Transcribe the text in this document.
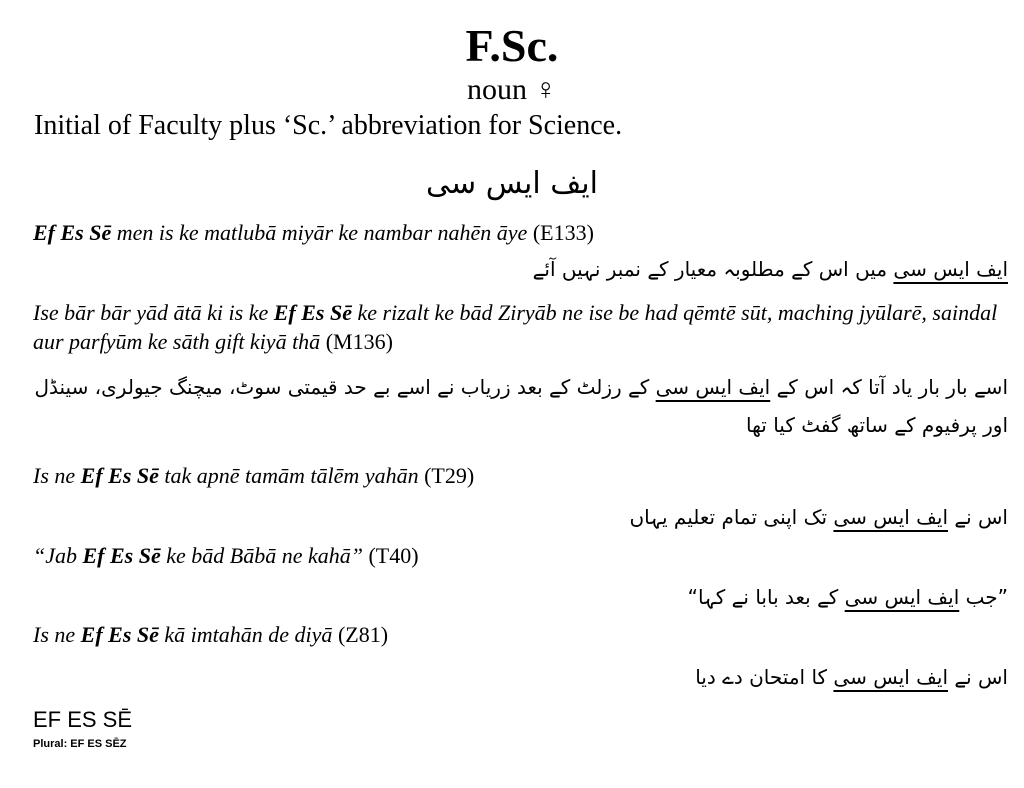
F.Sc.
noun ♀
Initial of Faculty plus ‘Sc.’ abbreviation for Science.
ایف ایس سی
Ef Es Sē men is ke matlubā miyār ke nambar nahēn āye (E133)
ایف ایس سی میں اس کے مطلوبہ معیار کے نمبر نہیں آئے
Ise bār bār yād ātā ki is ke Ef Es Sē ke rizalt ke bād Ziryāb ne ise be had qēmtē sūt, maching jyūlarē, saindal aur parfyūm ke sāth gift kiyā thā (M136)
اسے بار بار یاد آتا کہ اس کے ایف ایس سی کے رزلٹ کے بعد زریاب نے اسے بے حد قیمتی سوٹ، میچنگ جیولری، سینڈل اور پرفیوم کے ساتھ گفٹ کیا تھا
Is ne Ef Es Sē tak apnē tamām tālēm yahān (T29)
اس نے ایف ایس سی تک اپنی تمام تعلیم یہاں
“Jab Ef Es Sē ke bād Bābā ne kahā” (T40)
”جب ایف ایس سی کے بعد بابا نے کہا“
Is ne Ef Es Sē kā imtahān de diyā (Z81)
اس نے ایف ایس سی کا امتحان دے دیا
EF ES SĒ
Plural: EF ES SĒZ
